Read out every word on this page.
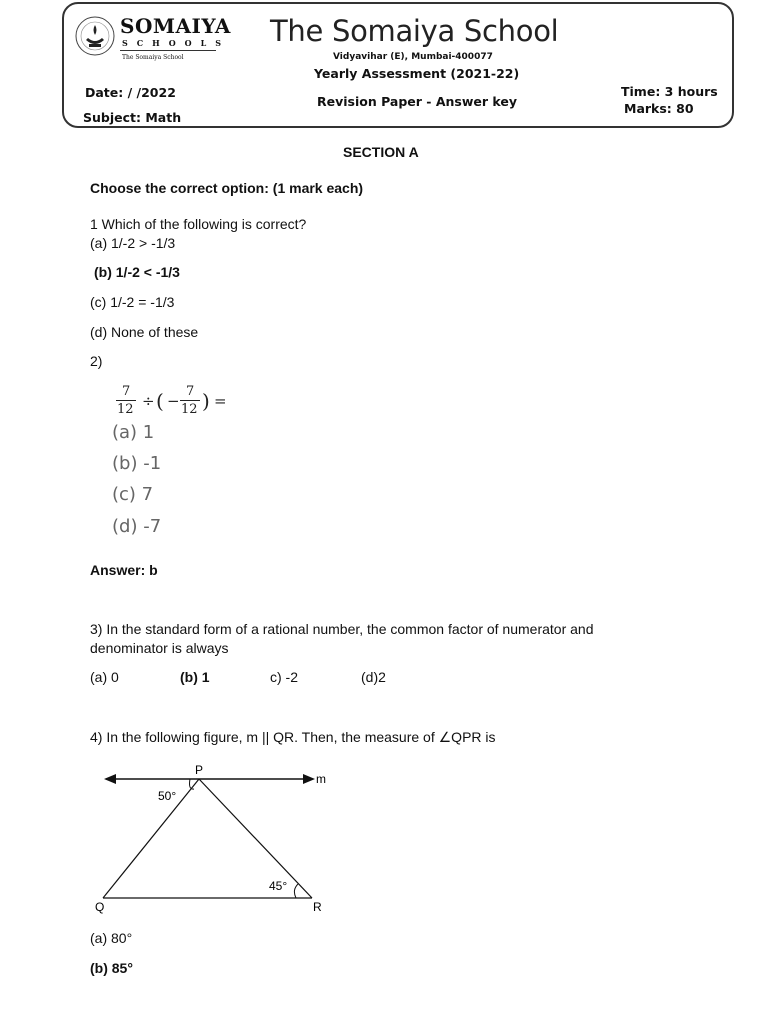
SOMAIYA
SCHOOLS
The Somaiya School
The Somaiya School
Vidyavihar (E), Mumbai-400077
Yearly Assessment (2021-22)
Date: / /2022
Revision Paper - Answer key
Time: 3 hours
Marks: 80
Subject: Math
SECTION A
Choose the correct option: (1 mark each)
1 Which of the following is correct?
(a) 1/-2 > -1/3
(b) 1/-2 < -1/3
(c) 1/-2 = -1/3
(d) None of these
2)
7
12 ÷ ( −
7
12 ) =
(a) 1
(b) -1
(c) 7
(d) -7
Answer: b
3) In the standard form of a rational number, the common factor of numerator and
denominator is always
(a) 0	(b) 1	c) -2	(d)2
4) In the following figure, m || QR. Then, the measure of ∠QPR is
P
m
50°
45°
Q	R
(a) 80°
(b) 85°
